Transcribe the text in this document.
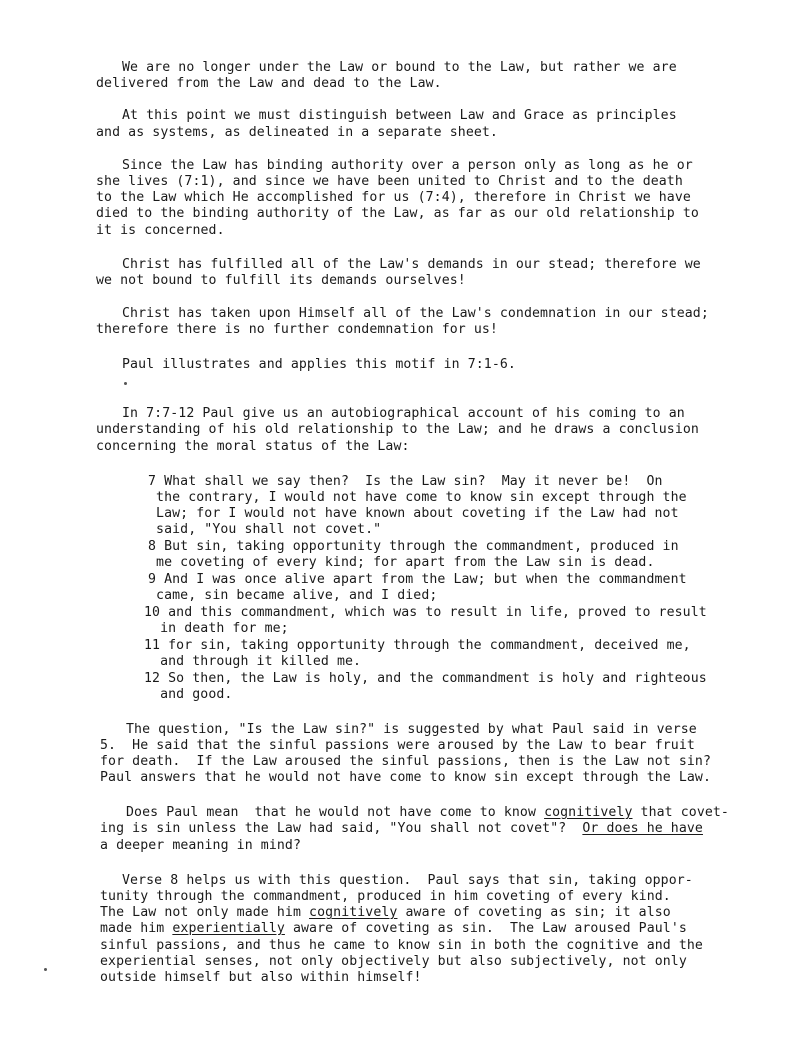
We are no longer under the Law or bound to the Law, but rather we are
delivered from the Law and dead to the Law.
At this point we must distinguish between Law and Grace as principles
and as systems, as delineated in a separate sheet.
Since the Law has binding authority over a person only as long as he or
she lives (7:1), and since we have been united to Christ and to the death
to the Law which He accomplished for us (7:4), therefore in Christ we have
died to the binding authority of the Law, as far as our old relationship to
it is concerned.
Christ has fulfilled all of the Law's demands in our stead; therefore we
we not bound to fulfill its demands ourselves!
Christ has taken upon Himself all of the Law's condemnation in our stead;
therefore there is no further condemnation for us!
Paul illustrates and applies this motif in 7:1-6.
In 7:7-12 Paul give us an autobiographical account of his coming to an
understanding of his old relationship to the Law; and he draws a conclusion
concerning the moral status of the Law:
7 What shall we say then?  Is the Law sin?  May it never be!  On
the contrary, I would not have come to know sin except through the
Law; for I would not have known about coveting if the Law had not
said, "You shall not covet."
8 But sin, taking opportunity through the commandment, produced in
me coveting of every kind; for apart from the Law sin is dead.
9 And I was once alive apart from the Law; but when the commandment
came, sin became alive, and I died;
10 and this commandment, which was to result in life, proved to result
in death for me;
11 for sin, taking opportunity through the commandment, deceived me,
and through it killed me.
12 So then, the Law is holy, and the commandment is holy and righteous
and good.
The question, "Is the Law sin?" is suggested by what Paul said in verse
5.  He said that the sinful passions were aroused by the Law to bear fruit
for death.  If the Law aroused the sinful passions, then is the Law not sin?
Paul answers that he would not have come to know sin except through the Law.
Does Paul mean  that he would not have come to know cognitively that covet-
ing is sin unless the Law had said, "You shall not covet"?  Or does he have
a deeper meaning in mind?
Verse 8 helps us with this question.  Paul says that sin, taking oppor-
tunity through the commandment, produced in him coveting of every kind.
The Law not only made him cognitively aware of coveting as sin; it also
made him experientially aware of coveting as sin.  The Law aroused Paul's
sinful passions, and thus he came to know sin in both the cognitive and the
experiential senses, not only objectively but also subjectively, not only
outside himself but also within himself!
